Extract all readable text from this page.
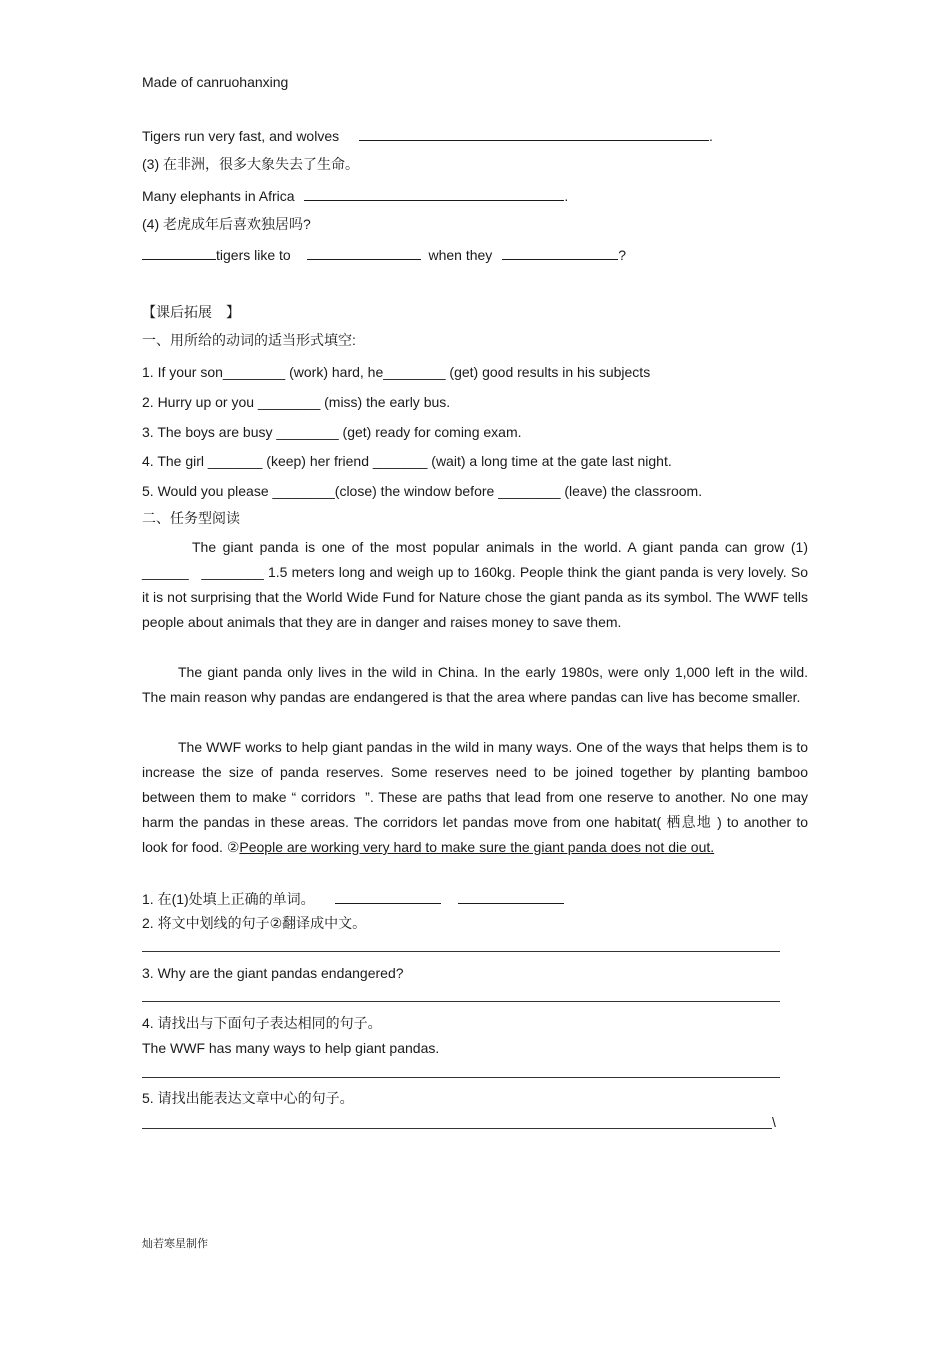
Made of canruohanxing
Tigers run very fast, and wolves	.
(3) 在非洲，很多大象失去了生命。
Many elephants in Africa	.
(4) 老虎成年后喜欢独居吗?
tigers like to	when they	?
【课后拓展　】
一、用所给的动词的适当形式填空:
1. If your son________ (work) hard, he________ (get) good results in his subjects
2. Hurry up or you ________ (miss) the early bus.
3. The boys are busy ________ (get) ready for coming exam.
4. The girl _______ (keep) her friend _______ (wait) a long time at the gate last night.
5. Would you please ________(close) the window before ________ (leave) the classroom.
二、任务型阅读
The giant panda is one of the most popular animals in the world. A giant panda can grow (1) ______   ________ 1.5 meters long and weigh up to 160kg. People think the giant panda is very lovely. So it is not surprising that the World Wide Fund for Nature chose the giant panda as its symbol. The WWF tells people about animals that they are in danger and raises money to save them.
The giant panda only lives in the wild in China. In the early 1980s, were only 1,000 left in the wild. The main reason why pandas are endangered is that the area where pandas can live has become smaller.
The WWF works to help giant pandas in the wild in many ways. One of the ways that helps them is to increase the size of panda reserves. Some reserves need to be joined together by planting bamboo between them to make “ corridors  ”. These are paths that lead from one reserve to another. No one may harm the pandas in these areas. The corridors let pandas move from one habitat( 栖息地 ) to another to look for food. ②People are working very hard to make sure the giant panda does not die out.
1. 在(1)处填上正确的单词。
2. 将文中划线的句子②翻译成中文。
3. Why are the giant pandas endangered?
4. 请找出与下面句子表达相同的句子。
The WWF has many ways to help giant pandas.
5. 请找出能表达文章中心的句子。
\
灿若寒星制作
